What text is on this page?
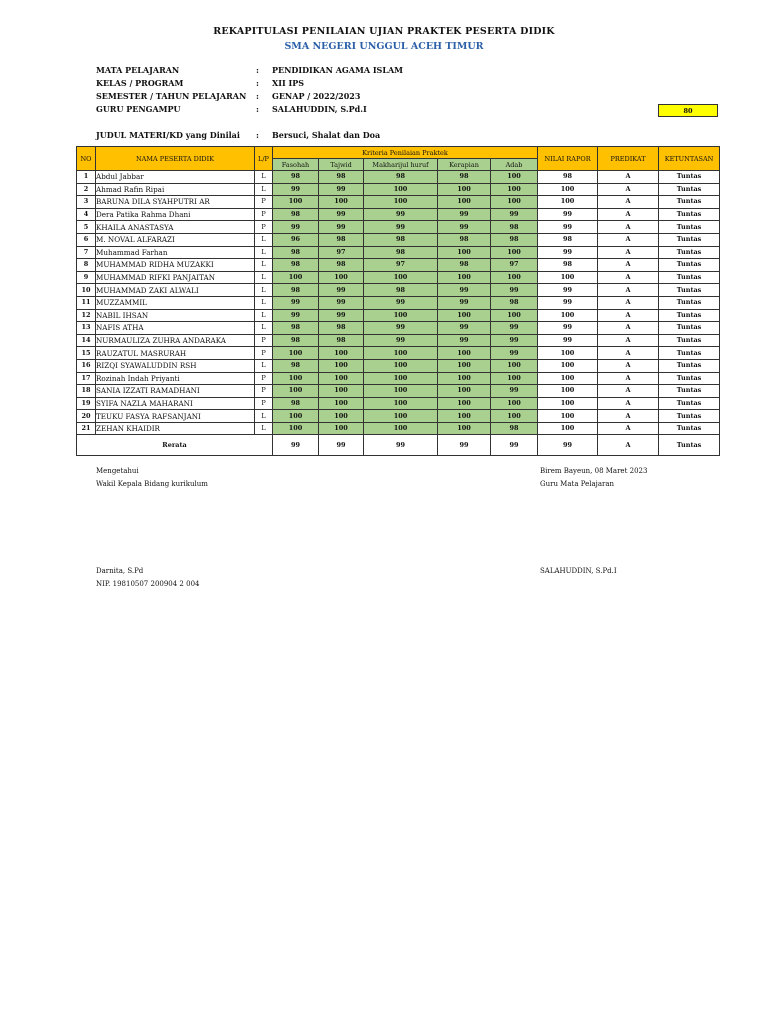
REKAPITULASI PENILAIAN UJIAN PRAKTEK PESERTA DIDIK
SMA NEGERI UNGGUL ACEH TIMUR
MATA PELAJARAN	: PENDIDIKAN AGAMA ISLAM
KELAS / PROGRAM	: XII IPS
SEMESTER / TAHUN PELAJARAN : GENAP / 2022/2023
GURU PENGAMPU	: SALAHUDDIN, S.Pd.I	80
JUDUL MATERI/KD yang Dinilai : Bersuci, Shalat dan Doa
NO	NAMA PESERTA DIDIK	L/P	Kriteria Penilaian Praktek					NILAI RAPOR	PREDIKAT	KETUNTASAN
			Fasohah	Tajwid	Makharijul huruf	Kerapian	Adab			
1	Abdul Jabbar	L	98	98	98	98	100	98	A	Tuntas
2	Ahmad Rafin Ripai	L	99	99	100	100	100	100	A	Tuntas
3	BARUNA DILA SYAHPUTRI AR	P	100	100	100	100	100	100	A	Tuntas
4	Dera Patika Rahma Dhani	P	98	99	99	99	99	99	A	Tuntas
5	KHAILA ANASTASYA	P	99	99	99	99	98	99	A	Tuntas
6	M. NOVAL ALFARAZI	L	96	98	98	98	98	98	A	Tuntas
7	Muhammad Farhan	L	98	97	98	100	100	99	A	Tuntas
8	MUHAMMAD RIDHA MUZAKKI	L	98	98	97	98	97	98	A	Tuntas
9	MUHAMMAD RIFKI PANJAITAN	L	100	100	100	100	100	100	A	Tuntas
10	MUHAMMAD ZAKI ALWALI	L	98	99	98	99	99	99	A	Tuntas
11	MUZZAMMIL	L	99	99	99	99	98	99	A	Tuntas
12	NABIL IHSAN	L	99	99	100	100	100	100	A	Tuntas
13	NAFIS ATHA	L	98	98	99	99	99	99	A	Tuntas
14	NURMAULIZA ZUHRA ANDARAKA	P	98	98	99	99	99	99	A	Tuntas
15	RAUZATUL MASRURAH	P	100	100	100	100	99	100	A	Tuntas
16	RIZQI SYAWALUDDIN RSH	L	98	100	100	100	100	100	A	Tuntas
17	Rozinah Indah Priyanti	P	100	100	100	100	100	100	A	Tuntas
18	SANIA IZZATI RAMADHANI	P	100	100	100	100	99	100	A	Tuntas
19	SYIFA NAZLA MAHARANI	P	98	100	100	100	100	100	A	Tuntas
20	TEUKU FASYA RAFSANJANI	L	100	100	100	100	100	100	A	Tuntas
21	ZEHAN KHAIDIR	L	100	100	100	100	98	100	A	Tuntas
Rerata			99	99	99	99	99	99	A	Tuntas
Mengetahui
Wakil Kepala Bidang kurikulum
Darnita, S.Pd
NIP. 19810507 200904 2 004
Birem Bayeun, 08 Maret 2023
Guru Mata Pelajaran
SALAHUDDIN, S.Pd.I
